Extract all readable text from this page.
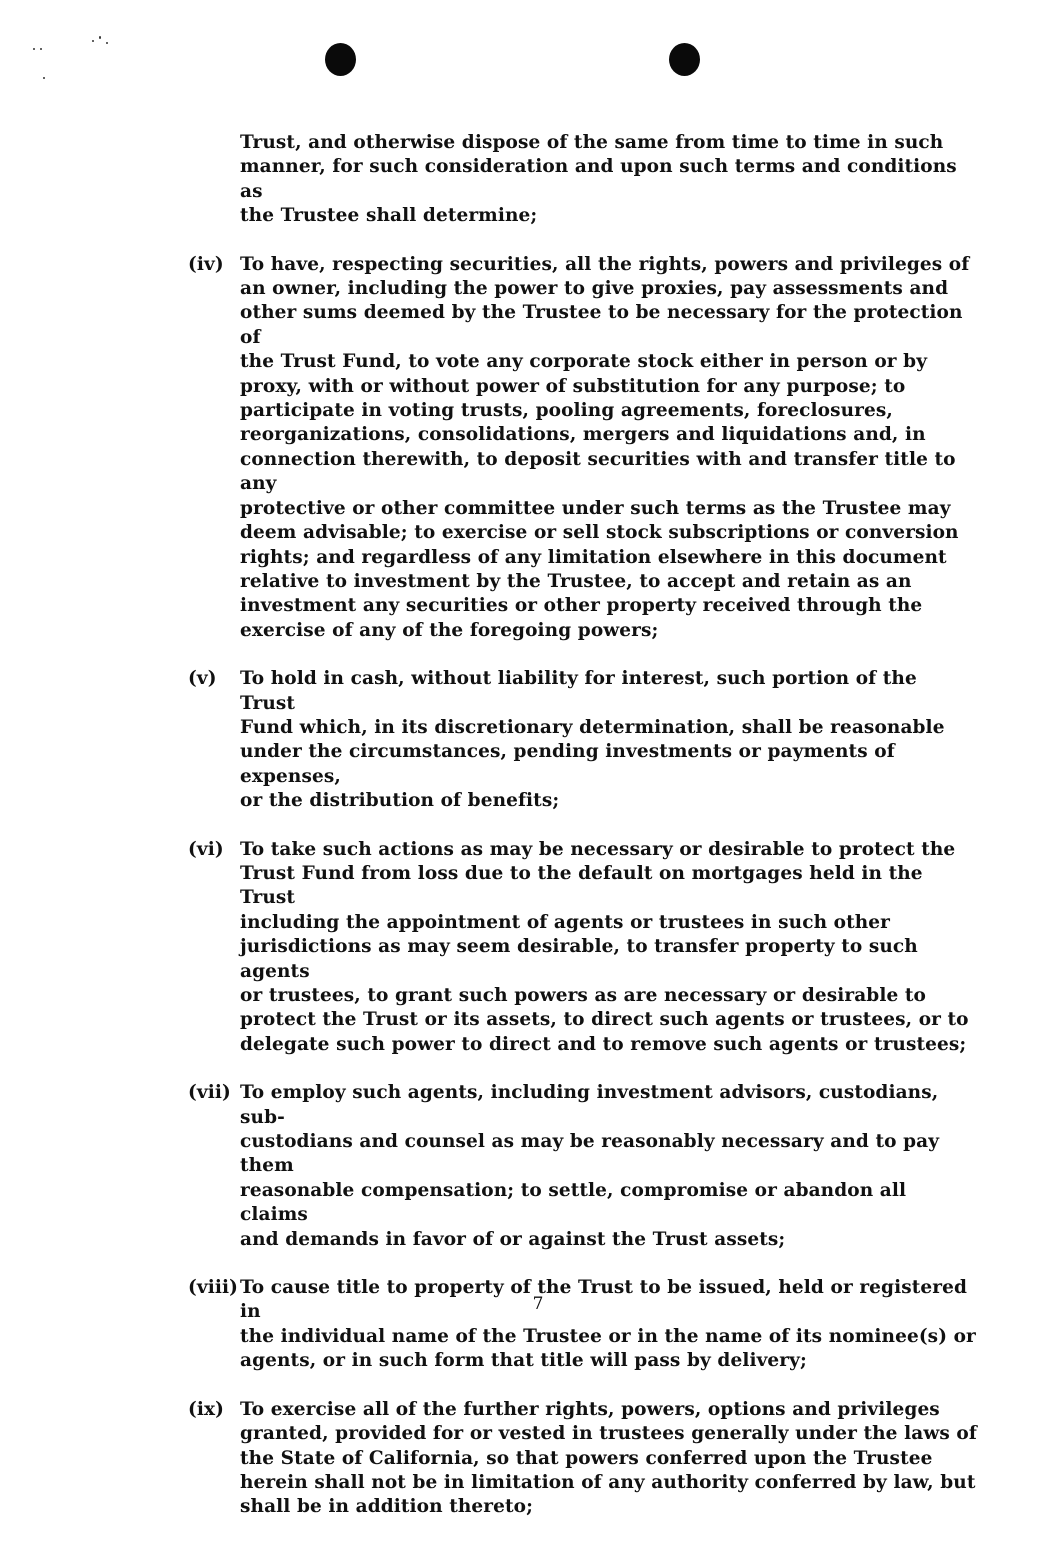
Trust, and otherwise dispose of the same from time to time in such
manner, for such consideration and upon such terms and conditions as
the Trustee shall determine;
(iv) To have, respecting securities, all the rights, powers and privileges of
an owner, including the power to give proxies, pay assessments and
other sums deemed by the Trustee to be necessary for the protection of
the Trust Fund, to vote any corporate stock either in person or by
proxy, with or without power of substitution for any purpose; to
participate in voting trusts, pooling agreements, foreclosures,
reorganizations, consolidations, mergers and liquidations and, in
connection therewith, to deposit securities with and transfer title to any
protective or other committee under such terms as the Trustee may
deem advisable; to exercise or sell stock subscriptions or conversion
rights; and regardless of any limitation elsewhere in this document
relative to investment by the Trustee, to accept and retain as an
investment any securities or other property received through the
exercise of any of the foregoing powers;
(v)	To hold in cash, without liability for interest, such portion of the Trust
Fund which, in its discretionary determination, shall be reasonable
under the circumstances, pending investments or payments of expenses,
or the distribution of benefits;
(vi) To take such actions as may be necessary or desirable to protect the
Trust Fund from loss due to the default on mortgages held in the Trust
including the appointment of agents or trustees in such other
jurisdictions as may seem desirable, to transfer property to such agents
or trustees, to grant such powers as are necessary or desirable to
protect the Trust or its assets, to direct such agents or trustees, or to
delegate such power to direct and to remove such agents or trustees;
(vii) To employ such agents, including investment advisors, custodians, sub-
custodians and counsel as may be reasonably necessary and to pay them
reasonable compensation; to settle, compromise or abandon all claims
and demands in favor of or against the Trust assets;
(viii) To cause title to property of the Trust to be issued, held or registered in
the individual name of the Trustee or in the name of its nominee(s) or
agents, or in such form that title will pass by delivery;
(ix) To exercise all of the further rights, powers, options and privileges
granted, provided for or vested in trustees generally under the laws of
the State of California, so that powers conferred upon the Trustee
herein shall not be in limitation of any authority conferred by law, but
shall be in addition thereto;
7
